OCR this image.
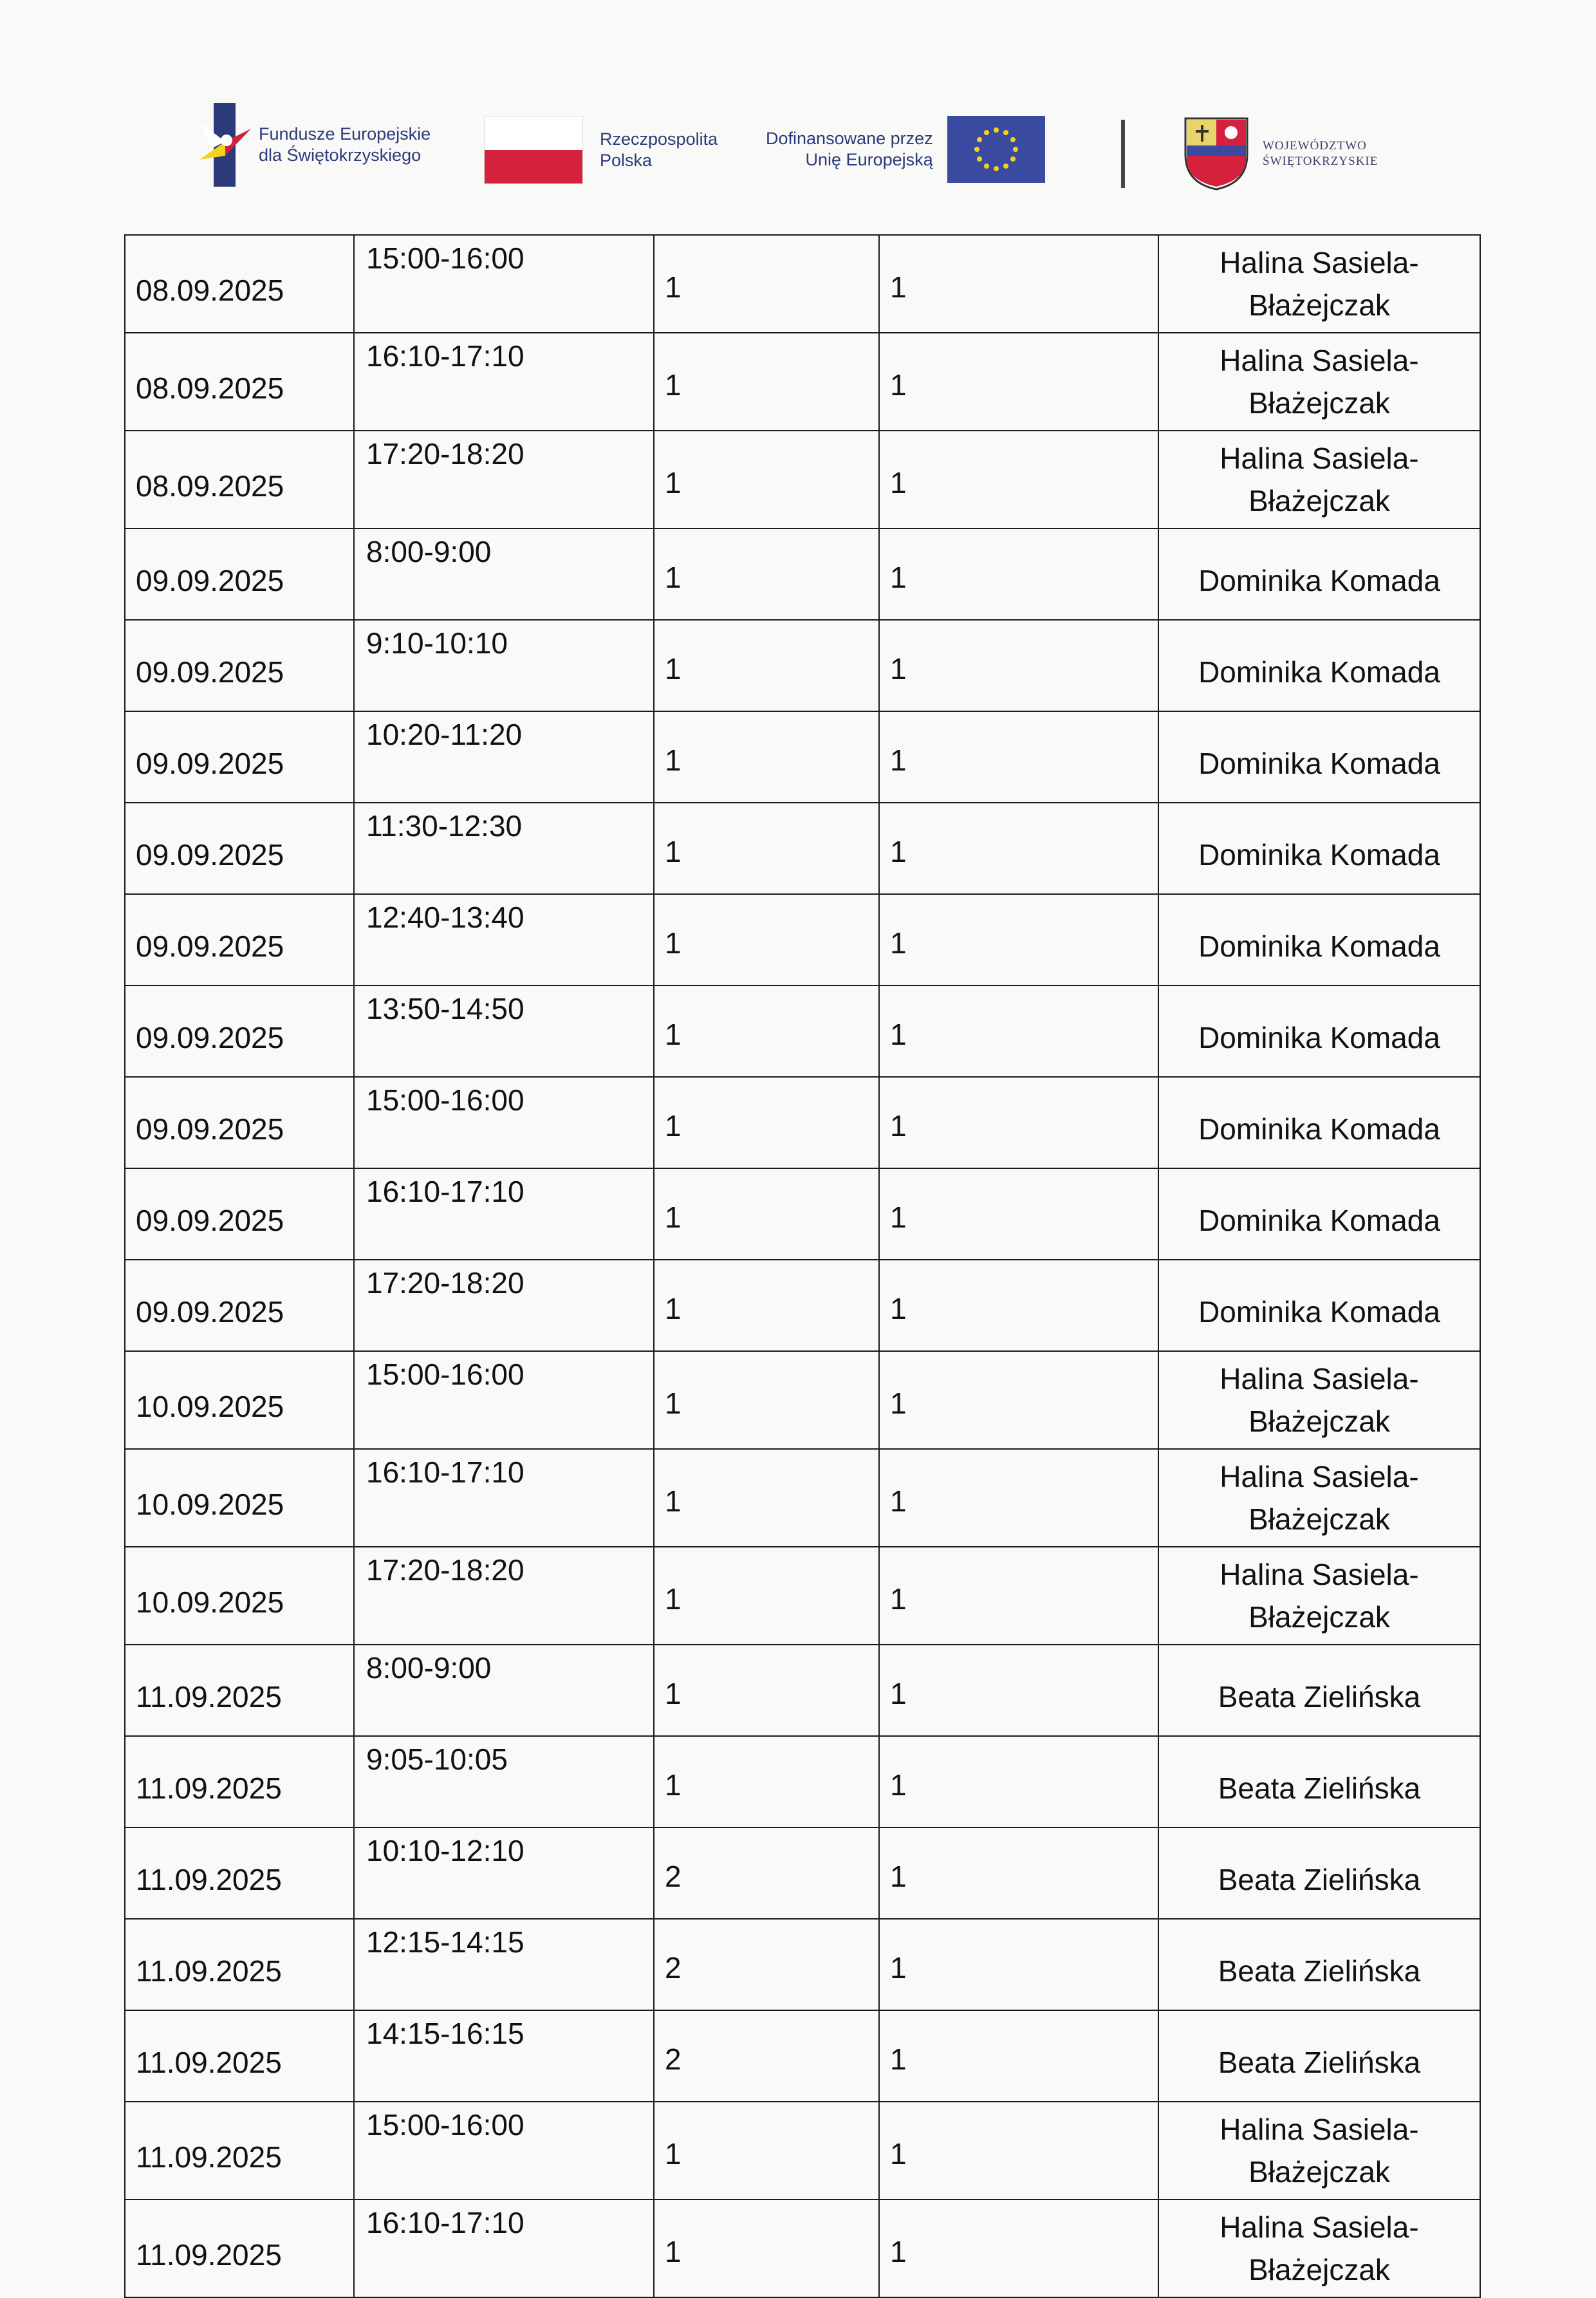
Fundusze Europejskie
dla Świętokrzyskiego
Rzeczpospolita
Polska
Dofinansowane przez
Unię Europejską
WOJEWÓDZTWO
ŚWIĘTOKRZYSKIE
08.09.2025	15:00-16:00	1	1	Halina Sasiela-Błażejczak
08.09.2025	16:10-17:10	1	1	Halina Sasiela-Błażejczak
08.09.2025	17:20-18:20	1	1	Halina Sasiela-Błażejczak
09.09.2025	8:00-9:00	1	1	Dominika Komada
09.09.2025	9:10-10:10	1	1	Dominika Komada
09.09.2025	10:20-11:20	1	1	Dominika Komada
09.09.2025	11:30-12:30	1	1	Dominika Komada
09.09.2025	12:40-13:40	1	1	Dominika Komada
09.09.2025	13:50-14:50	1	1	Dominika Komada
09.09.2025	15:00-16:00	1	1	Dominika Komada
09.09.2025	16:10-17:10	1	1	Dominika Komada
09.09.2025	17:20-18:20	1	1	Dominika Komada
10.09.2025	15:00-16:00	1	1	Halina Sasiela-Błażejczak
10.09.2025	16:10-17:10	1	1	Halina Sasiela-Błażejczak
10.09.2025	17:20-18:20	1	1	Halina Sasiela-Błażejczak
11.09.2025	8:00-9:00	1	1	Beata Zielińska
11.09.2025	9:05-10:05	1	1	Beata Zielińska
11.09.2025	10:10-12:10	2	1	Beata Zielińska
11.09.2025	12:15-14:15	2	1	Beata Zielińska
11.09.2025	14:15-16:15	2	1	Beata Zielińska
11.09.2025	15:00-16:00	1	1	Halina Sasiela-Błażejczak
11.09.2025	16:10-17:10	1	1	Halina Sasiela-Błażejczak
